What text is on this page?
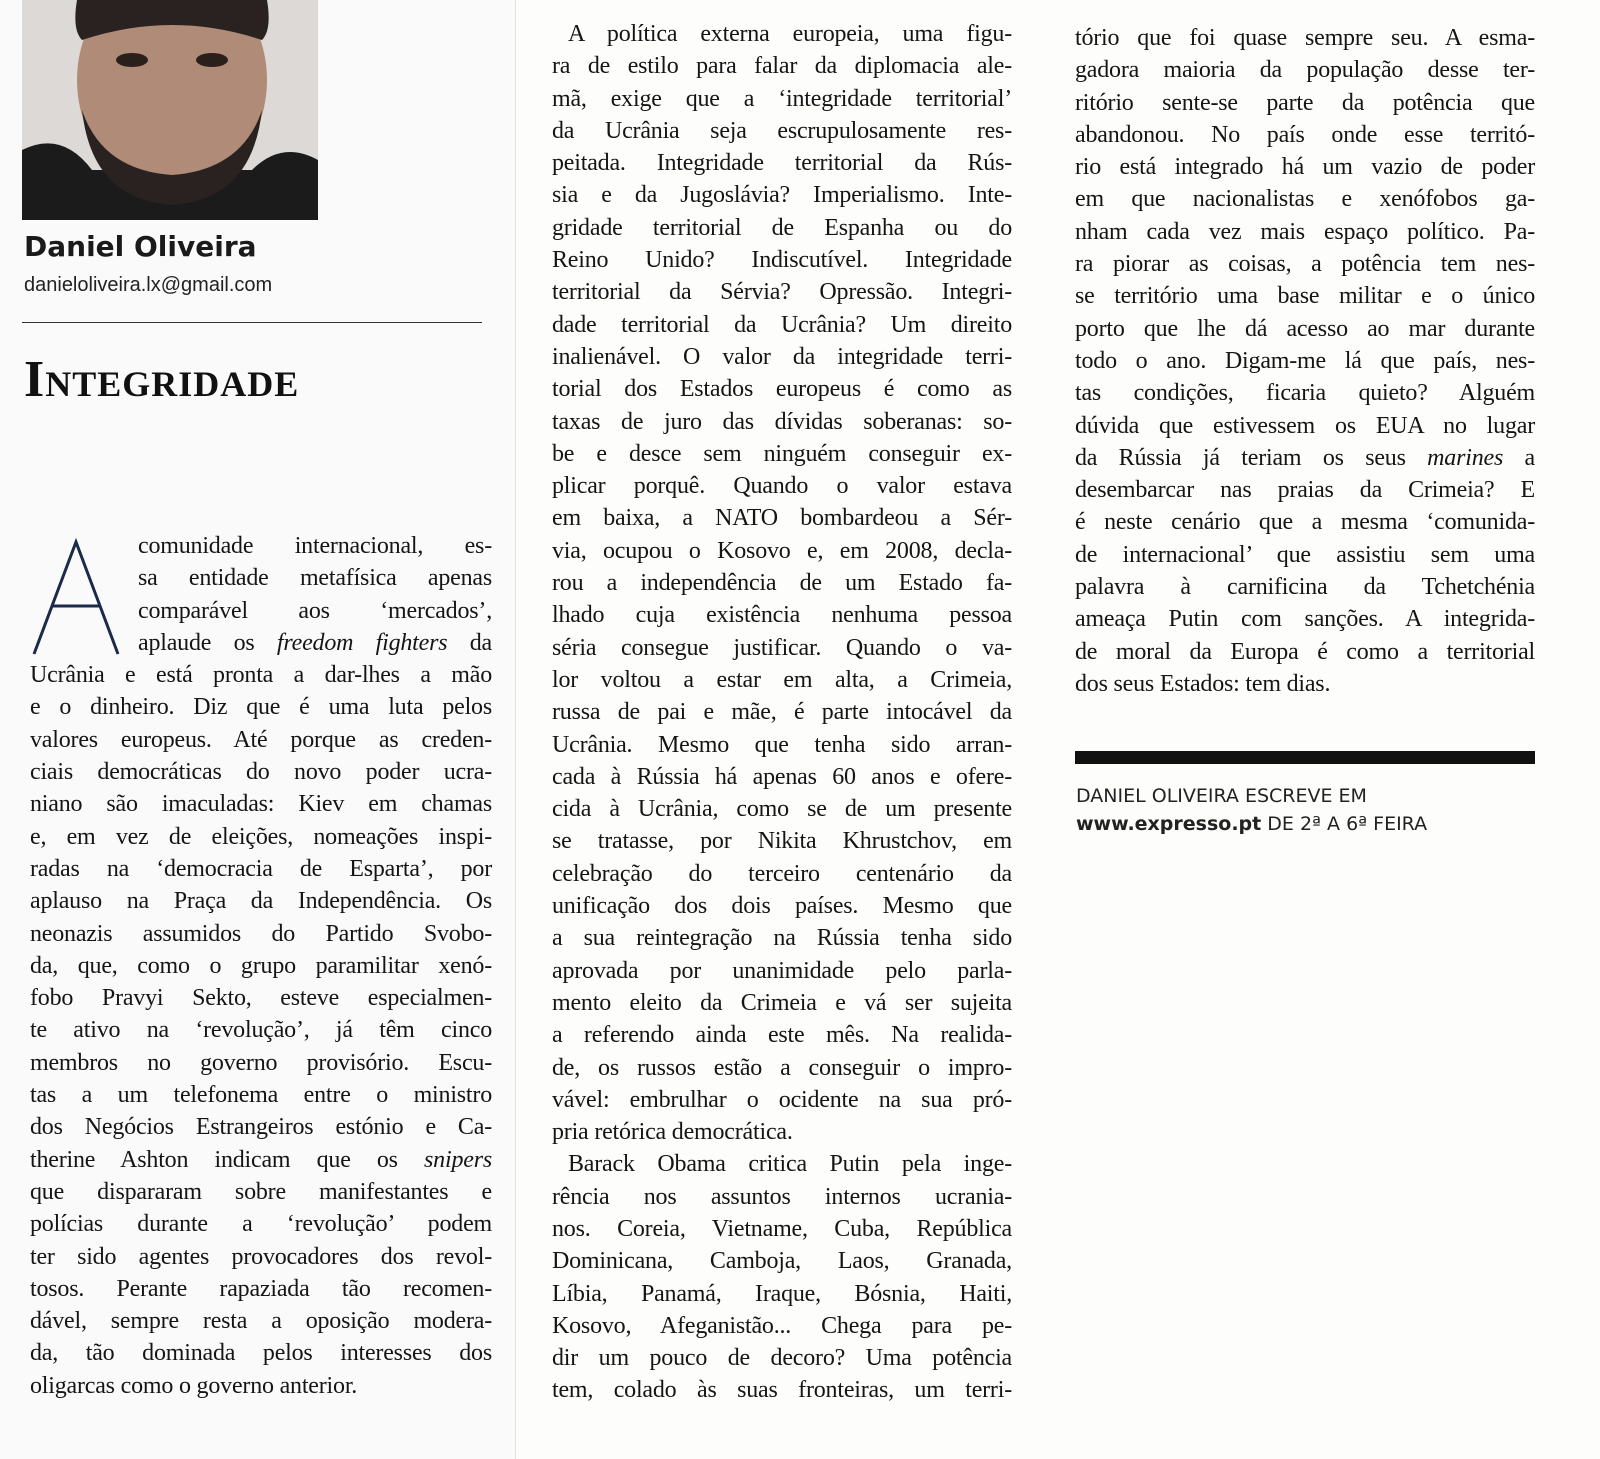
Daniel Oliveira
danieloliveira.lx@gmail.com
Integridade
comunidade internacional, es-
sa entidade metafísica apenas
comparável aos ‘mercados’,
aplaude os freedom fighters da
Ucrânia e está pronta a dar-lhes a mão
e o dinheiro. Diz que é uma luta pelos
valores europeus. Até porque as creden-
ciais democráticas do novo poder ucra-
niano são imaculadas: Kiev em chamas
e, em vez de eleições, nomeações inspi-
radas na ‘democracia de Esparta’, por
aplauso na Praça da Independência. Os
neonazis assumidos do Partido Svobo-
da, que, como o grupo paramilitar xenó-
fobo Pravyi Sekto, esteve especialmen-
te ativo na ‘revolução’, já têm cinco
membros no governo provisório. Escu-
tas a um telefonema entre o ministro
dos Negócios Estrangeiros estónio e Ca-
therine Ashton indicam que os snipers
que dispararam sobre manifestantes e
polícias durante a ‘revolução’ podem
ter sido agentes provocadores dos revol-
tosos. Perante rapaziada tão recomen-
dável, sempre resta a oposição modera-
da, tão dominada pelos interesses dos
oligarcas como o governo anterior.
A política externa europeia, uma figu-
ra de estilo para falar da diplomacia ale-
mã, exige que a ‘integridade territorial’
da Ucrânia seja escrupulosamente res-
peitada. Integridade territorial da Rús-
sia e da Jugoslávia? Imperialismo. Inte-
gridade territorial de Espanha ou do
Reino Unido? Indiscutível. Integridade
territorial da Sérvia? Opressão. Integri-
dade territorial da Ucrânia? Um direito
inalienável. O valor da integridade terri-
torial dos Estados europeus é como as
taxas de juro das dívidas soberanas: so-
be e desce sem ninguém conseguir ex-
plicar porquê. Quando o valor estava
em baixa, a NATO bombardeou a Sér-
via, ocupou o Kosovo e, em 2008, decla-
rou a independência de um Estado fa-
lhado cuja existência nenhuma pessoa
séria consegue justificar. Quando o va-
lor voltou a estar em alta, a Crimeia,
russa de pai e mãe, é parte intocável da
Ucrânia. Mesmo que tenha sido arran-
cada à Rússia há apenas 60 anos e ofere-
cida à Ucrânia, como se de um presente
se tratasse, por Nikita Khrustchov, em
celebração do terceiro centenário da
unificação dos dois países. Mesmo que
a sua reintegração na Rússia tenha sido
aprovada por unanimidade pelo parla-
mento eleito da Crimeia e vá ser sujeita
a referendo ainda este mês. Na realida-
de, os russos estão a conseguir o impro-
vável: embrulhar o ocidente na sua pró-
pria retórica democrática.
Barack Obama critica Putin pela inge-
rência nos assuntos internos ucrania-
nos. Coreia, Vietname, Cuba, República
Dominicana, Camboja, Laos, Granada,
Líbia, Panamá, Iraque, Bósnia, Haiti,
Kosovo, Afeganistão... Chega para pe-
dir um pouco de decoro? Uma potência
tem, colado às suas fronteiras, um terri-
tório que foi quase sempre seu. A esma-
gadora maioria da população desse ter-
ritório sente-se parte da potência que
abandonou. No país onde esse territó-
rio está integrado há um vazio de poder
em que nacionalistas e xenófobos ga-
nham cada vez mais espaço político. Pa-
ra piorar as coisas, a potência tem nes-
se território uma base militar e o único
porto que lhe dá acesso ao mar durante
todo o ano. Digam-me lá que país, nes-
tas condições, ficaria quieto? Alguém
dúvida que estivessem os EUA no lugar
da Rússia já teriam os seus marines a
desembarcar nas praias da Crimeia? E
é neste cenário que a mesma ‘comunida-
de internacional’ que assistiu sem uma
palavra à carnificina da Tchetchénia
ameaça Putin com sanções. A integrida-
de moral da Europa é como a territorial
dos seus Estados: tem dias.
DANIEL OLIVEIRA ESCREVE EM
www.expresso.pt DE 2ª A 6ª FEIRA
